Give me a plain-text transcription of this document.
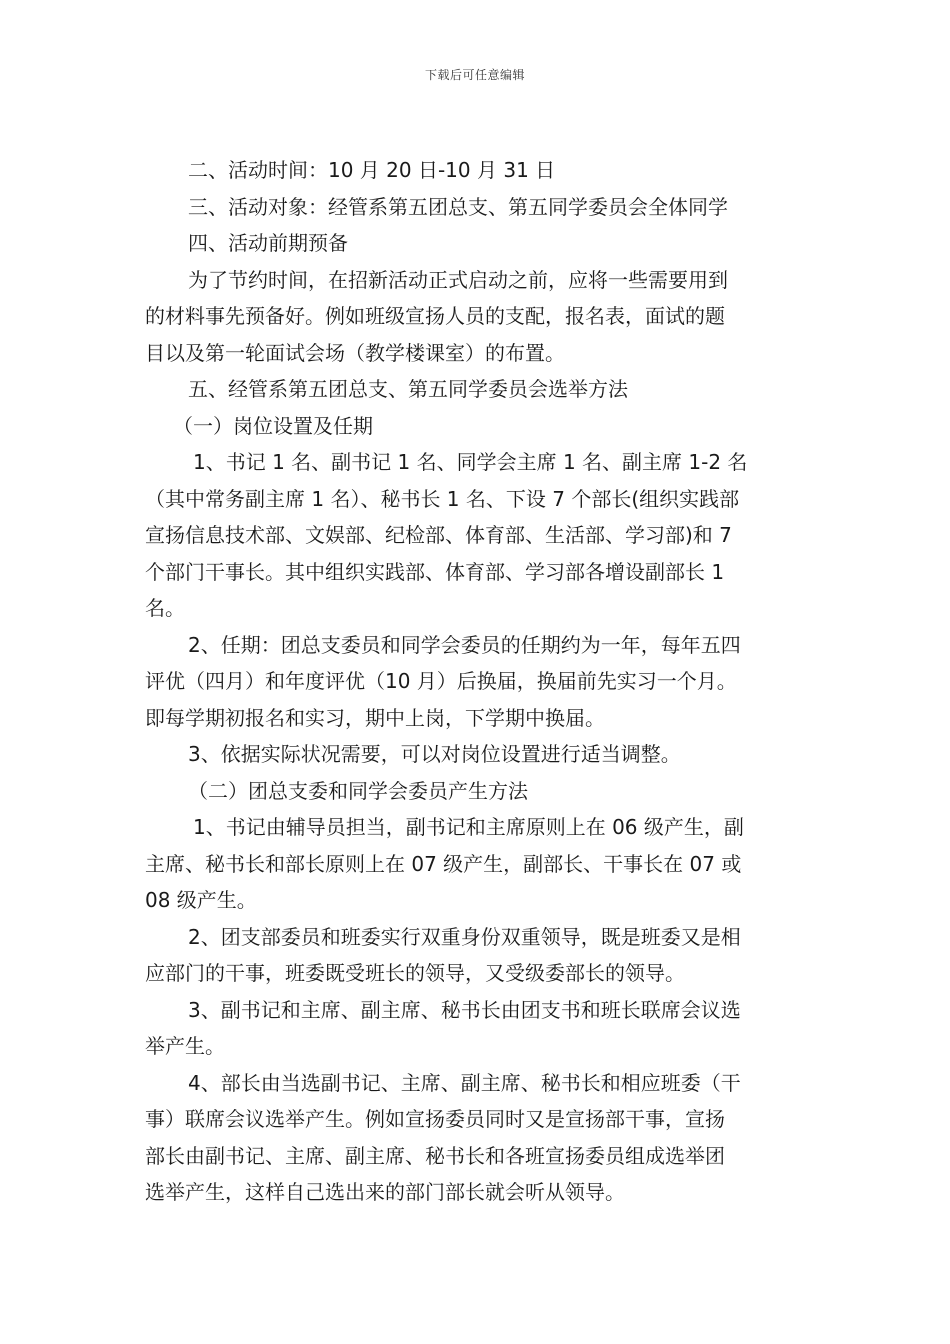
下载后可任意编辑
二、活动时间：10 月 20 日-10 月 31 日
三、活动对象：经管系第五团总支、第五同学委员会全体同学
四、活动前期预备
为了节约时间，在招新活动正式启动之前，应将一些需要用到
的材料事先预备好。例如班级宣扬人员的支配，报名表，面试的题
目以及第一轮面试会场（教学楼课室）的布置。
五、经管系第五团总支、第五同学委员会选举方法
（一）岗位设置及任期
1、书记 1 名、副书记 1 名、同学会主席 1 名、副主席 1-2 名
（其中常务副主席 1 名）、秘书长 1 名、下设 7 个部长(组织实践部
宣扬信息技术部、文娱部、纪检部、体育部、生活部、学习部)和 7
个部门干事长。其中组织实践部、体育部、学习部各增设副部长 1
名。
2、任期：团总支委员和同学会委员的任期约为一年，每年五四
评优（四月）和年度评优（10 月）后换届，换届前先实习一个月。
即每学期初报名和实习，期中上岗，下学期中换届。
3、依据实际状况需要，可以对岗位设置进行适当调整。
（二）团总支委和同学会委员产生方法
1、书记由辅导员担当，副书记和主席原则上在 06 级产生，副
主席、秘书长和部长原则上在 07 级产生，副部长、干事长在 07 或
08 级产生。
2、团支部委员和班委实行双重身份双重领导，既是班委又是相
应部门的干事，班委既受班长的领导，又受级委部长的领导。
3、副书记和主席、副主席、秘书长由团支书和班长联席会议选
举产生。
4、部长由当选副书记、主席、副主席、秘书长和相应班委（干
事）联席会议选举产生。例如宣扬委员同时又是宣扬部干事，宣扬
部长由副书记、主席、副主席、秘书长和各班宣扬委员组成选举团
选举产生，这样自己选出来的部门部长就会听从领导。
